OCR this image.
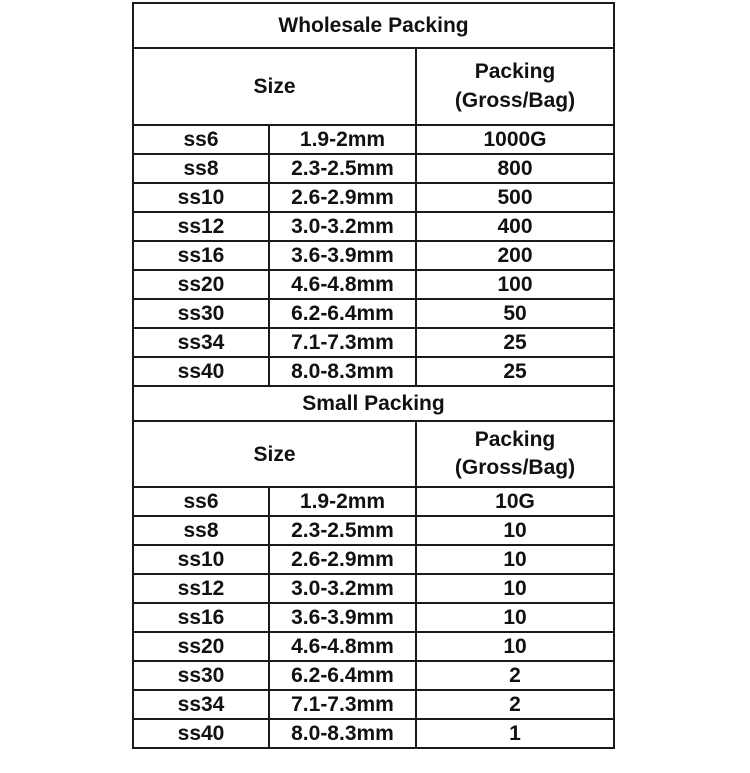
Wholesale Packing		
Size		Packing
(Gross/Bag)
ss6	1.9-2mm	1000G
ss8	2.3-2.5mm	800
ss10	2.6-2.9mm	500
ss12	3.0-3.2mm	400
ss16	3.6-3.9mm	200
ss20	4.6-4.8mm	100
ss30	6.2-6.4mm	50
ss34	7.1-7.3mm	25
ss40	8.0-8.3mm	25
Small Packing		
Size		Packing
(Gross/Bag)
ss6	1.9-2mm	10G
ss8	2.3-2.5mm	10
ss10	2.6-2.9mm	10
ss12	3.0-3.2mm	10
ss16	3.6-3.9mm	10
ss20	4.6-4.8mm	10
ss30	6.2-6.4mm	2
ss34	7.1-7.3mm	2
ss40	8.0-8.3mm	1
